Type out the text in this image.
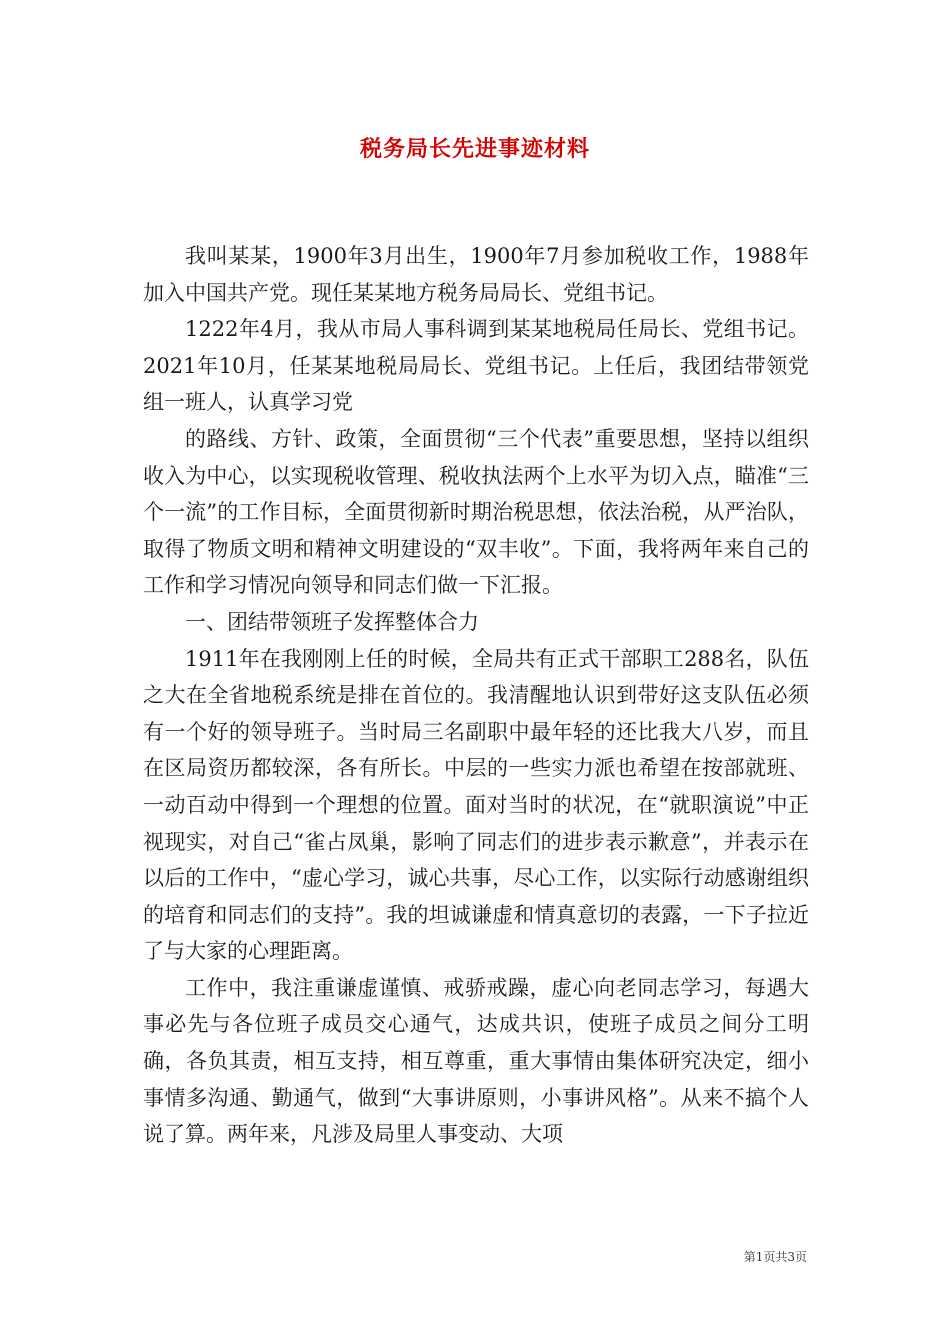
税务局长先进事迹材料

我叫某某，1900年3月出生，1900年7月参加税收工作，1988年加入中国共产党。现任某某地方税务局局长、党组书记。

1222年4月，我从市局人事科调到某某地税局任局长、党组书记。2021年10月，任某某地税局局长、党组书记。上任后，我团结带领党组一班人，认真学习党

的路线、方针、政策，全面贯彻“三个代表”重要思想，坚持以组织收入为中心，以实现税收管理、税收执法两个上水平为切入点，瞄准“三个一流”的工作目标，全面贯彻新时期治税思想，依法治税，从严治队，取得了物质文明和精神文明建设的“双丰收”。下面，我将两年来自己的工作和学习情况向领导和同志们做一下汇报。

一、团结带领班子发挥整体合力

1911年在我刚刚上任的时候，全局共有正式干部职工288名，队伍之大在全省地税系统是排在首位的。我清醒地认识到带好这支队伍必须有一个好的领导班子。当时局三名副职中最年轻的还比我大八岁，而且在区局资历都较深，各有所长。中层的一些实力派也希望在按部就班、一动百动中得到一个理想的位置。面对当时的状况，在“就职演说”中正视现实，对自己“雀占凤巢，影响了同志们的进步表示歉意”，并表示在以后的工作中，“虚心学习，诚心共事，尽心工作，以实际行动感谢组织的培育和同志们的支持”。我的坦诚谦虚和情真意切的表露，一下子拉近了与大家的心理距离。

工作中，我注重谦虚谨慎、戒骄戒躁，虚心向老同志学习，每遇大事必先与各位班子成员交心通气，达成共识，使班子成员之间分工明确，各负其责，相互支持，相互尊重，重大事情由集体研究决定，细小事情多沟通、勤通气，做到“大事讲原则，小事讲风格”。从来不搞个人说了算。两年来，凡涉及局里人事变动、大项

第1页共3页
